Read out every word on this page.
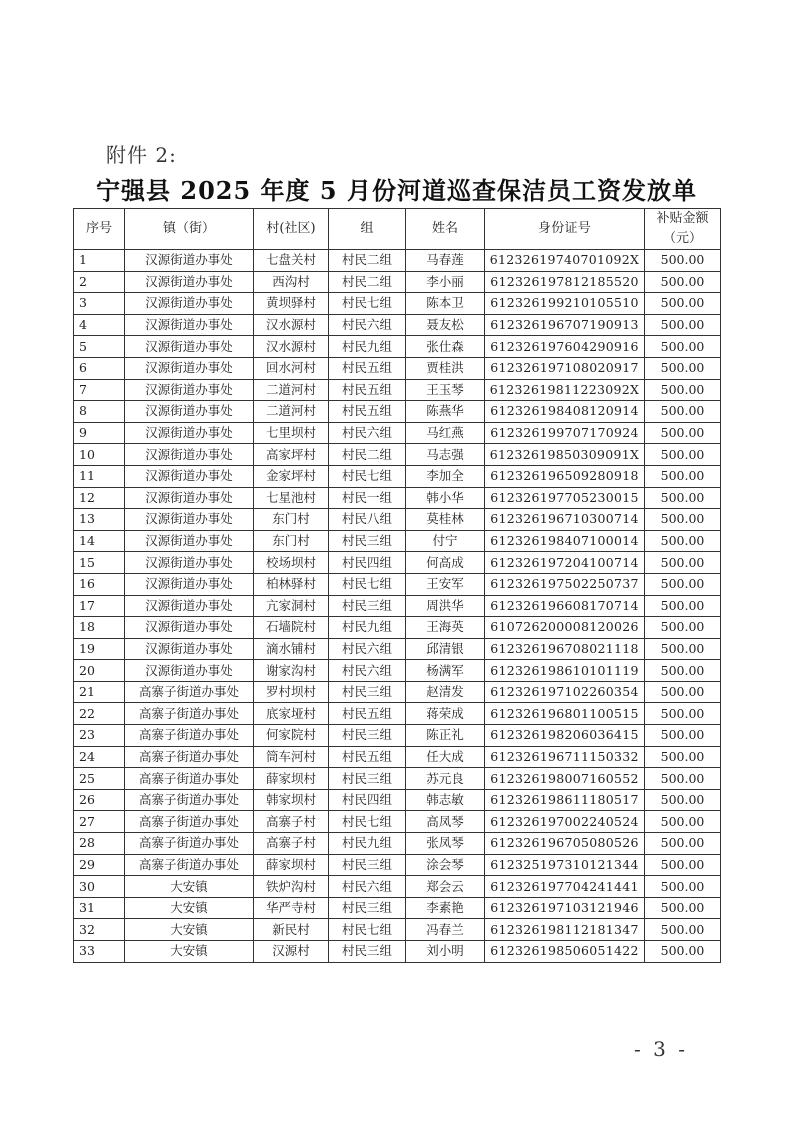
附件 2:
宁强县 2025 年度 5 月份河道巡查保洁员工资发放单
序号	镇（街）	村(社区)	组	姓名	身份证号	补贴金额
（元）

1	汉源街道办事处	七盘关村	村民二组	马春莲	61232619740701092X	500.00
2	汉源街道办事处	西沟村	村民二组	李小丽	612326197812185520	500.00
3	汉源街道办事处	黄坝驿村	村民七组	陈本卫	612326199210105510	500.00
4	汉源街道办事处	汉水源村	村民六组	聂友松	612326196707190913	500.00
5	汉源街道办事处	汉水源村	村民九组	张仕森	612326197604290916	500.00
6	汉源街道办事处	回水河村	村民五组	贾桂洪	612326197108020917	500.00
7	汉源街道办事处	二道河村	村民五组	王玉琴	61232619811223092X	500.00
8	汉源街道办事处	二道河村	村民五组	陈燕华	612326198408120914	500.00
9	汉源街道办事处	七里坝村	村民六组	马红燕	612326199707170924	500.00
10	汉源街道办事处	高家坪村	村民二组	马志强	61232619850309091X	500.00
11	汉源街道办事处	金家坪村	村民七组	李加全	612326196509280918	500.00
12	汉源街道办事处	七星池村	村民一组	韩小华	612326197705230015	500.00
13	汉源街道办事处	东门村	村民八组	莫桂林	612326196710300714	500.00
14	汉源街道办事处	东门村	村民三组	付宁	612326198407100014	500.00
15	汉源街道办事处	校场坝村	村民四组	何高成	612326197204100714	500.00
16	汉源街道办事处	柏林驿村	村民七组	王安军	612326197502250737	500.00
17	汉源街道办事处	亢家洞村	村民三组	周洪华	612326196608170714	500.00
18	汉源街道办事处	石墙院村	村民九组	王海英	610726200008120026	500.00
19	汉源街道办事处	滴水铺村	村民六组	邱清银	612326196708021118	500.00
20	汉源街道办事处	谢家沟村	村民六组	杨满军	612326198610101119	500.00
21	高寨子街道办事处	罗村坝村	村民三组	赵清发	612326197102260354	500.00
22	高寨子街道办事处	底家垭村	村民五组	蒋荣成	612326196801100515	500.00
23	高寨子街道办事处	何家院村	村民三组	陈正礼	612326198206036415	500.00
24	高寨子街道办事处	筒车河村	村民五组	任大成	612326196711150332	500.00
25	高寨子街道办事处	薛家坝村	村民三组	苏元良	612326198007160552	500.00
26	高寨子街道办事处	韩家坝村	村民四组	韩志敏	612326198611180517	500.00
27	高寨子街道办事处	高寨子村	村民七组	高凤琴	612326197002240524	500.00
28	高寨子街道办事处	高寨子村	村民九组	张凤琴	612326196705080526	500.00
29	高寨子街道办事处	薛家坝村	村民三组	涂会琴	612325197310121344	500.00
30	大安镇	铁炉沟村	村民六组	郑会云	612326197704241441	500.00
31	大安镇	华严寺村	村民三组	李素艳	612326197103121946	500.00
32	大安镇	新民村	村民七组	冯春兰	612326198112181347	500.00
33	大安镇	汉源村	村民三组	刘小明	612326198506051422	500.00
- 3 -
